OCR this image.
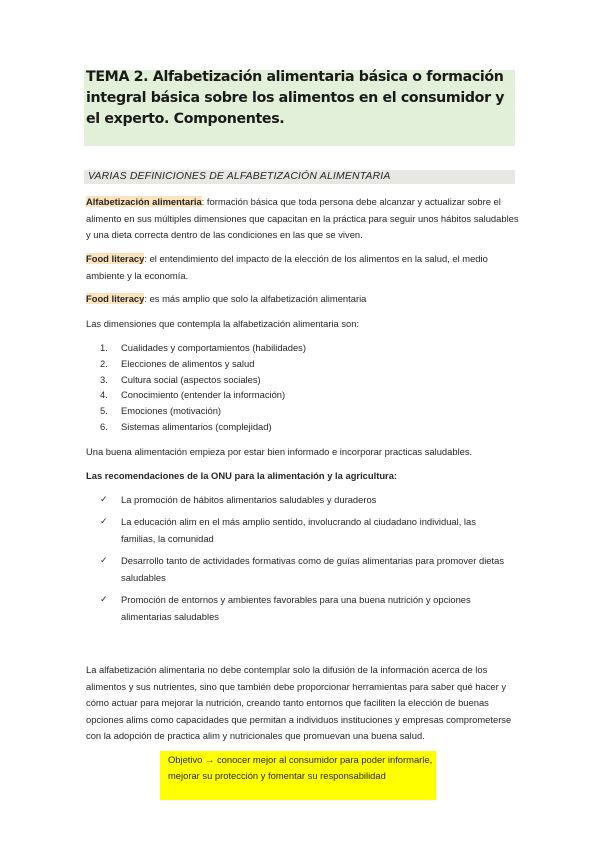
TEMA 2. Alfabetización alimentaria básica o formación integral básica sobre los alimentos en el consumidor y el experto. Componentes.
VARIAS DEFINICIONES DE ALFABETIZACIÓN ALIMENTARIA

Alfabetización alimentaria: formación básica que toda persona debe alcanzar y actualizar sobre el alimento en sus múltiples dimensiones que capacitan en la práctica para seguir unos hábitos saludables y una dieta correcta dentro de las condiciones en las que se viven.

Food literacy: el entendimiento del impacto de la elección de los alimentos en la salud, el medio ambiente y la economía.

Food literacy: es más amplio que solo la alfabetización alimentaria

Las dimensiones que contempla la alfabetización alimentaria son:

1.	Cualidades y comportamientos (habilidades)
2.	Elecciones de alimentos y salud
3.	Cultura social (aspectos sociales)
4.	Conocimiento (entender la información)
5.	Emociones (motivación)
6.	Sistemas alimentarios (complejidad)

Una buena alimentación empieza por estar bien informado e incorporar practicas saludables.

Las recomendaciones de la ONU para la alimentación y la agricultura:

✓	La promoción de hábitos alimentarios saludables y duraderos
✓	La educación alim en el más amplio sentido, involucrando al ciudadano individual, las familias, la comunidad
✓	Desarrollo tanto de actividades formativas como de guías alimentarias para promover dietas saludables
✓	Promoción de entornos y ambientes favorables para una buena nutrición y opciones alimentarias saludables

La alfabetización alimentaria no debe contemplar solo la difusión de la información acerca de los alimentos y sus nutrientes, sino que también debe proporcionar herramientas para saber qué hacer y cómo actuar para mejorar la nutrición, creando tanto entornos que faciliten la elección de buenas opciones alims como capacidades que permitan a individuos instituciones y empresas comprometerse con la adopción de practica alim y nutricionales que promuevan una buena salud.

Objetivo → conocer mejor al consumidor para poder informarle, mejorar su protección y fomentar su responsabilidad
